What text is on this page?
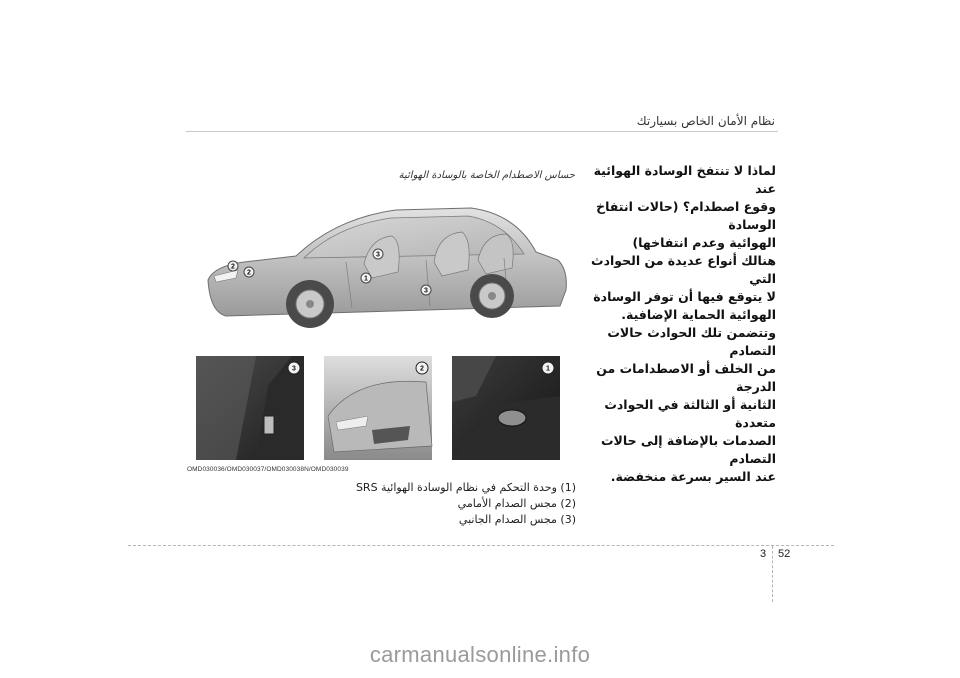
نظام الأمان الخاص بسيارتك
حساس الاصطدام الخاصة بالوسادة الهوائية
2
2
1
3
3
3	2	1
OMD030036/OMD030037/OMD030038N/OMD030039
(1) وحدة التحكم في نظام الوسادة الهوائية SRS
(2) مجس الصدام الأمامي
(3) مجس الصدام الجانبي
لماذا لا تنتفخ الوسادة الهوائية عند
وقوع اصطدام؟ (حالات انتفاخ الوسادة
الهوائية وعدم انتفاخها)
هنالك أنواع عديدة من الحوادث التي
لا يتوقع فيها أن توفر الوسادة
الهوائية الحماية الإضافية.
وتتضمن تلك الحوادث حالات التصادم
من الخلف أو الاصطدامات من الدرجة
الثانية أو الثالثة في الحوادث متعددة
الصدمات بالإضافة إلى حالات التصادم
عند السير بسرعة منخفضة.
3 52
carmanualsonline.info
